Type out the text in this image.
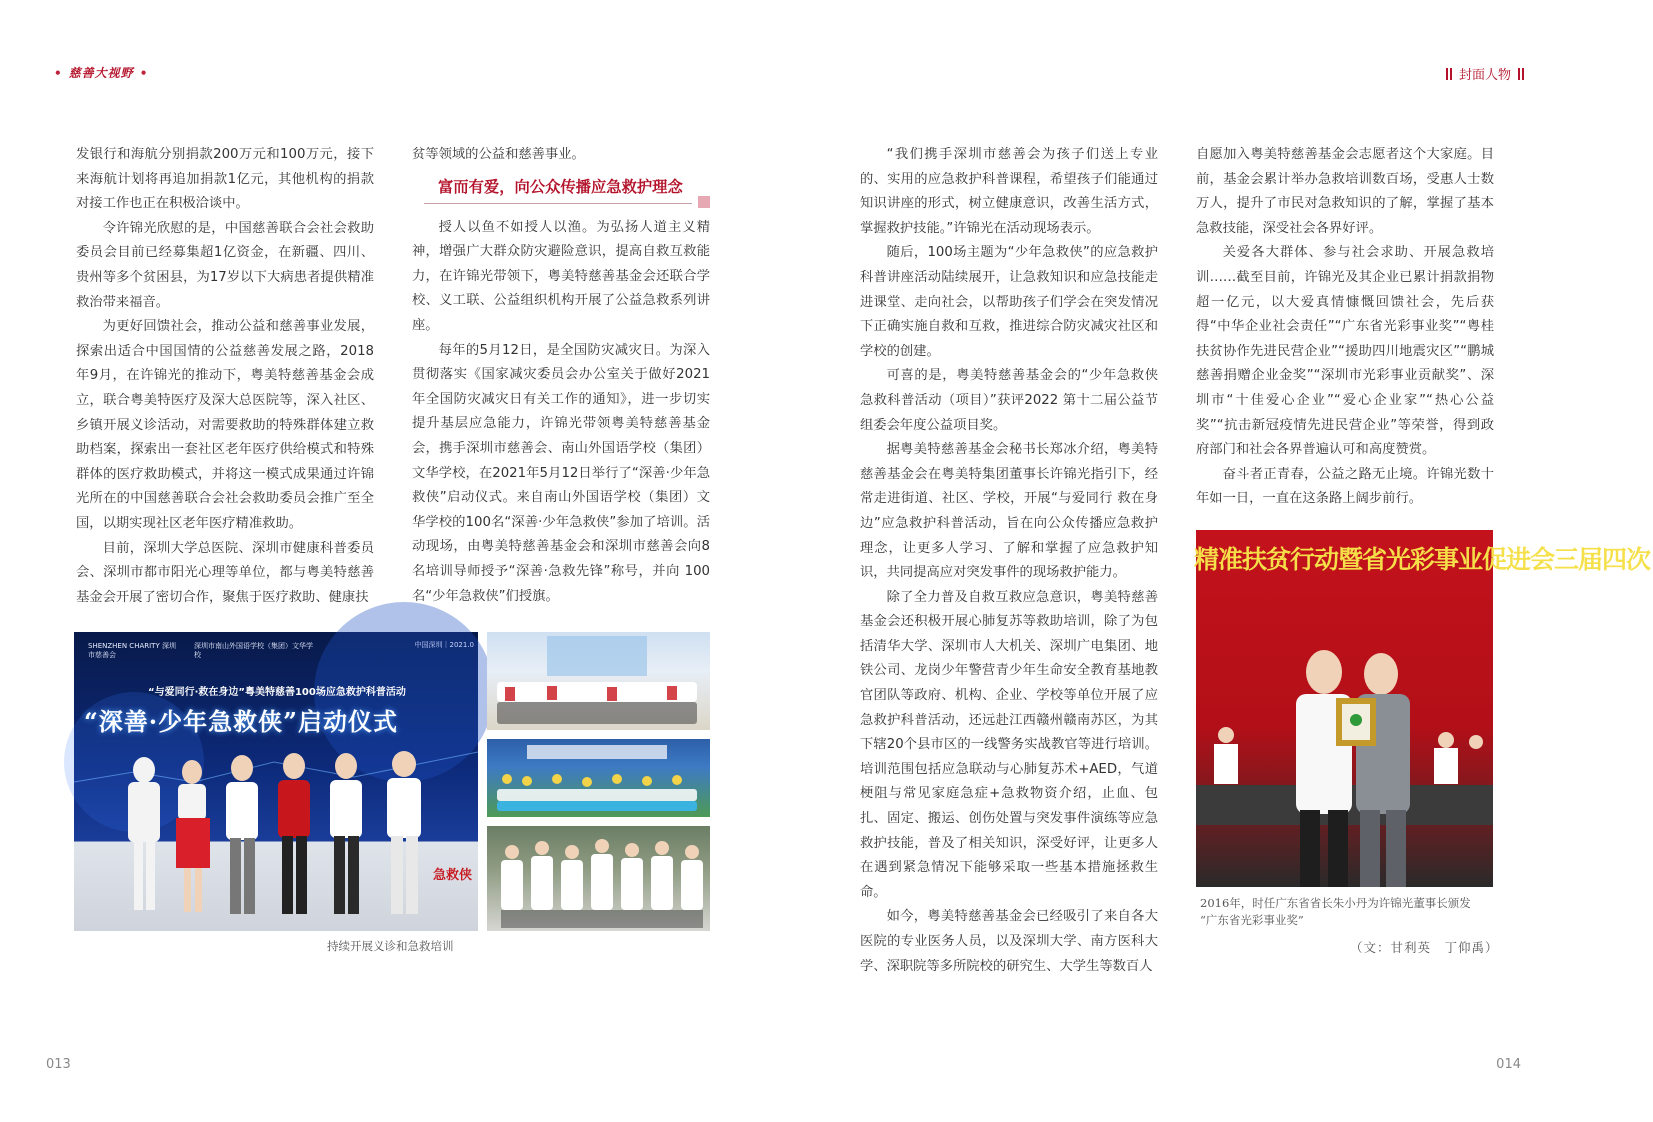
• 慈善大视野 •	封面人物

发银行和海航分别捐款200万元和100万元，接下来海航计划将再追加捐款1亿元，其他机构的捐款对接工作也正在积极洽谈中。

令许锦光欣慰的是，中国慈善联合会社会救助委员会目前已经募集超1亿资金，在新疆、四川、贵州等多个贫困县，为17岁以下大病患者提供精准救治带来福音。

为更好回馈社会，推动公益和慈善事业发展，探索出适合中国国情的公益慈善发展之路，2018年9月，在许锦光的推动下，粤美特慈善基金会成立，联合粤美特医疗及深大总医院等，深入社区、乡镇开展义诊活动，对需要救助的特殊群体建立救助档案，探索出一套社区老年医疗供给模式和特殊群体的医疗救助模式，并将这一模式成果通过许锦光所在的中国慈善联合会社会救助委员会推广至全国，以期实现社区老年医疗精准救助。

目前，深圳大学总医院、深圳市健康科普委员会、深圳市都市阳光心理等单位，都与粤美特慈善基金会开展了密切合作，聚焦于医疗救助、健康扶

贫等领域的公益和慈善事业。

富而有爱，向公众传播应急救护理念

授人以鱼不如授人以渔。为弘扬人道主义精神，增强广大群众防灾避险意识，提高自救互救能力，在许锦光带领下，粤美特慈善基金会还联合学校、义工联、公益组织机构开展了公益急救系列讲座。

每年的5月12日，是全国防灾减灾日。为深入贯彻落实《国家减灾委员会办公室关于做好2021年全国防灾减灾日有关工作的通知》，进一步切实提升基层应急能力，许锦光带领粤美特慈善基金会，携手深圳市慈善会、南山外国语学校（集团）文华学校，在2021年5月12日举行了“深善·少年急救侠”启动仪式。来自南山外国语学校（集团）文华学校的100名“深善·少年急救侠”参加了培训。活动现场，由粤美特慈善基金会和深圳市慈善会向8名培训导师授予“深善·急救先锋”称号，并向 100名“少年急救侠”们授旗。

“我们携手深圳市慈善会为孩子们送上专业的、实用的应急救护科普课程，希望孩子们能通过知识讲座的形式，树立健康意识，改善生活方式，掌握救护技能。”许锦光在活动现场表示。

随后，100场主题为“少年急救侠”的应急救护科普讲座活动陆续展开，让急救知识和应急技能走进课堂、走向社会，以帮助孩子们学会在突发情况下正确实施自救和互救，推进综合防灾减灾社区和学校的创建。

可喜的是，粤美特慈善基金会的“少年急救侠急救科普活动（项目）”获评2022 第十二届公益节组委会年度公益项目奖。

据粤美特慈善基金会秘书长郑冰介绍，粤美特慈善基金会在粤美特集团董事长许锦光指引下，经常走进街道、社区、学校，开展“与爱同行 救在身边”应急救护科普活动，旨在向公众传播应急救护理念，让更多人学习、了解和掌握了应急救护知识，共同提高应对突发事件的现场救护能力。

除了全力普及自救互救应急意识，粤美特慈善基金会还积极开展心肺复苏等救助培训，除了为包括清华大学、深圳市人大机关、深圳广电集团、地铁公司、龙岗少年警营青少年生命安全教育基地教官团队等政府、机构、企业、学校等单位开展了应急救护科普活动，还远赴江西赣州赣南苏区，为其下辖20个县市区的一线警务实战教官等进行培训。培训范围包括应急联动与心肺复苏术+AED，气道梗阻与常见家庭急症+急救物资介绍，止血、包扎、固定、搬运、创伤处置与突发事件演练等应急救护技能，普及了相关知识，深受好评，让更多人在遇到紧急情况下能够采取一些基本措施拯救生命。

如今，粤美特慈善基金会已经吸引了来自各大医院的专业医务人员，以及深圳大学、南方医科大学、深职院等多所院校的研究生、大学生等数百人

自愿加入粤美特慈善基金会志愿者这个大家庭。目前，基金会累计举办急救培训数百场，受惠人士数万人，提升了市民对急救知识的了解，掌握了基本急救技能，深受社会各界好评。

关爱各大群体、参与社会求助、开展急救培训……截至目前，许锦光及其企业已累计捐款捐物超一亿元，以大爱真情慷慨回馈社会，先后获得“中华企业社会责任”“广东省光彩事业奖”“粤桂扶贫协作先进民营企业”“援助四川地震灾区”“鹏城慈善捐赠企业金奖”“深圳市光彩事业贡献奖”、深圳市“十佳爱心企业”“爱心企业家”“热心公益奖”“抗击新冠疫情先进民营企业”等荣誉，得到政府部门和社会各界普遍认可和高度赞赏。

奋斗者正青春，公益之路无止境。许锦光数十年如一日，一直在这条路上阔步前行。

SHENZHEN CHARITY 深圳市慈善会
深圳市南山外国语学校（集团）文华学校
中国深圳｜2021.0
“与爱同行·救在身边”粤美特慈善100场应急救护科普活动
“深善·少年急救侠”启动仪式
急救侠
持续开展义诊和急救培训
精准扶贫行动暨省光彩事业促进会三届四次
2016年，时任广东省省长朱小丹为许锦光董事长颁发
“广东省光彩事业奖”
（文：甘利英　丁仰禹）
013	014
